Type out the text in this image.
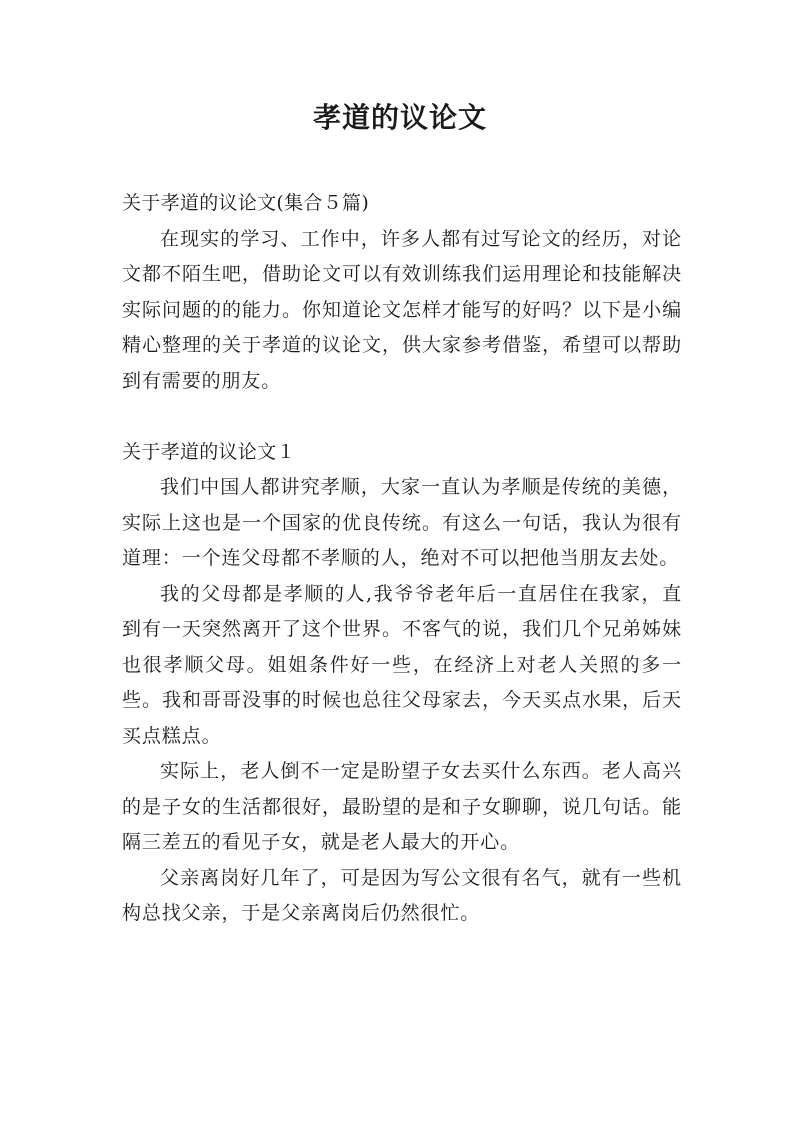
孝道的议论文
关于孝道的议论文(集合５篇)

在现实的学习、工作中，许多人都有过写论文的经历，对论文都不陌生吧，借助论文可以有效训练我们运用理论和技能解决实际问题的的能力。你知道论文怎样才能写的好吗？以下是小编精心整理的关于孝道的议论文，供大家参考借鉴，希望可以帮助到有需要的朋友。

关于孝道的议论文１

我们中国人都讲究孝顺，大家一直认为孝顺是传统的美德，实际上这也是一个国家的优良传统。有这么一句话，我认为很有道理：一个连父母都不孝顺的人，绝对不可以把他当朋友去处。

我的父母都是孝顺的人,我爷爷老年后一直居住在我家，直到有一天突然离开了这个世界。不客气的说，我们几个兄弟姊妹也很孝顺父母。姐姐条件好一些，在经济上对老人关照的多一些。我和哥哥没事的时候也总往父母家去，今天买点水果，后天买点糕点。

实际上，老人倒不一定是盼望子女去买什么东西。老人高兴的是子女的生活都很好，最盼望的是和子女聊聊，说几句话。能隔三差五的看见子女，就是老人最大的开心。

父亲离岗好几年了，可是因为写公文很有名气，就有一些机构总找父亲，于是父亲离岗后仍然很忙。
